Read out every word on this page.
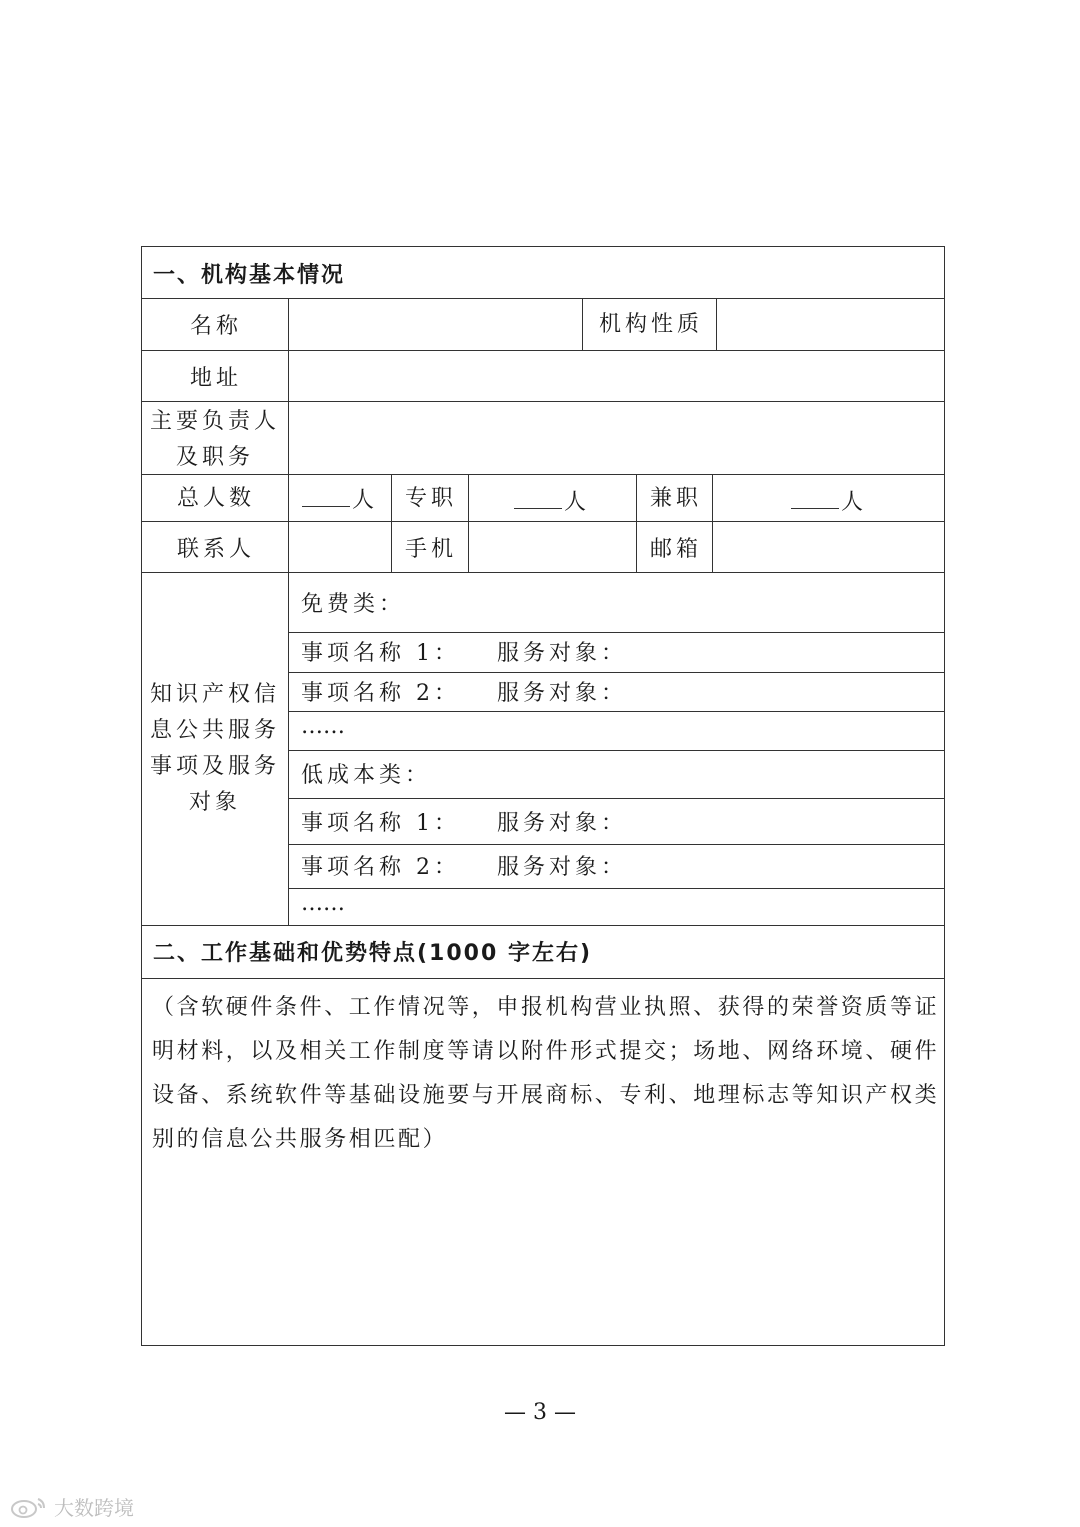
一、机构基本情况
名称	机构性质
地址
主要负责人
及职务
总人数	人 专职	人	兼职	人
联系人	手机	邮箱
知识产权信
息公共服务
事项及服务
对象
免费类：
事项名称 1： 服务对象：
事项名称 2： 服务对象：
……
低成本类：
事项名称 1： 服务对象：
事项名称 2： 服务对象：
……
二、工作基础和优势特点(1000 字左右)
（含软硬件条件、工作情况等，申报机构营业执照、获得的荣誉资质等证明材料，以及相关工作制度等请以附件形式提交；场地、网络环境、硬件设备、系统软件等基础设施要与开展商标、专利、地理标志等知识产权类别的信息公共服务相匹配）
— 3 —
大数跨境
